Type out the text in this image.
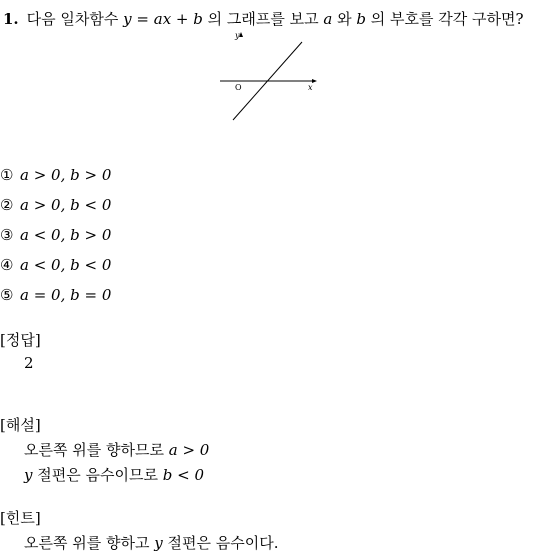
1. 다음 일차함수 y = ax + b 의 그래프를 보고 a 와 b 의 부호를 각각 구하면?
y
x
O
① a > 0, b > 0
② a > 0, b < 0
③ a < 0, b > 0
④ a < 0, b < 0
⑤ a = 0, b = 0
[정답]
2
[해설]
오른쪽 위를 향하므로 a > 0
y 절편은 음수이므로 b < 0
[힌트]
오른쪽 위를 향하고 y 절편은 음수이다.
